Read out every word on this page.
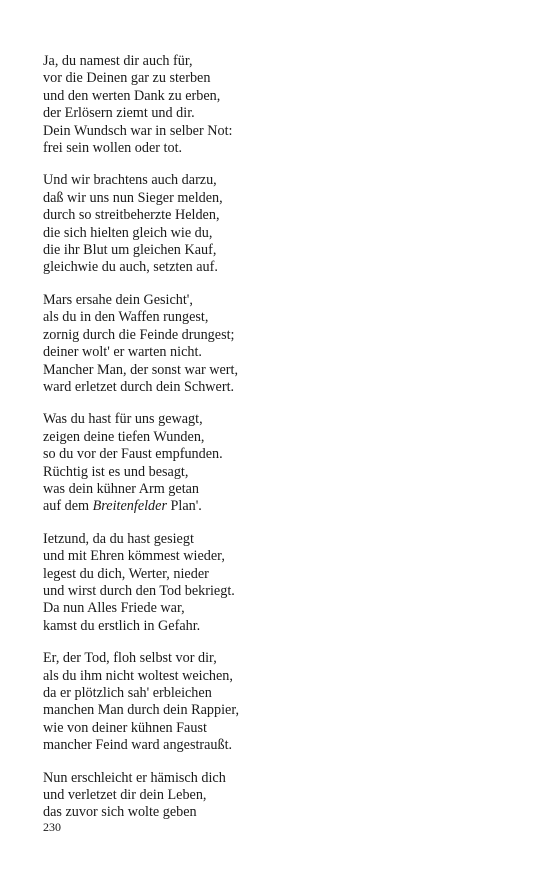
Ja, du namest dir auch für,
vor die Deinen gar zu sterben
und den werten Dank zu erben,
der Erlösern ziemt und dir.
Dein Wundsch war in selber Not:
frei sein wollen oder tot.
Und wir brachtens auch darzu,
daß wir uns nun Sieger melden,
durch so streitbeherzte Helden,
die sich hielten gleich wie du,
die ihr Blut um gleichen Kauf,
gleichwie du auch, setzten auf.
Mars ersahe dein Gesicht',
als du in den Waffen rungest,
zornig durch die Feinde drungest;
deiner wolt' er warten nicht.
Mancher Man, der sonst war wert,
ward erletzet durch dein Schwert.
Was du hast für uns gewagt,
zeigen deine tiefen Wunden,
so du vor der Faust empfunden.
Rüchtig ist es und besagt,
was dein kühner Arm getan
auf dem Breitenfelder Plan'.
Ietzund, da du hast gesiegt
und mit Ehren kömmest wieder,
legest du dich, Werter, nieder
und wirst durch den Tod bekriegt.
Da nun Alles Friede war,
kamst du erstlich in Gefahr.
Er, der Tod, floh selbst vor dir,
als du ihm nicht woltest weichen,
da er plötzlich sah' erbleichen
manchen Man durch dein Rappier,
wie von deiner kühnen Faust
mancher Feind ward angestraußt.
Nun erschleicht er hämisch dich
und verletzet dir dein Leben,
das zuvor sich wolte geben
230
